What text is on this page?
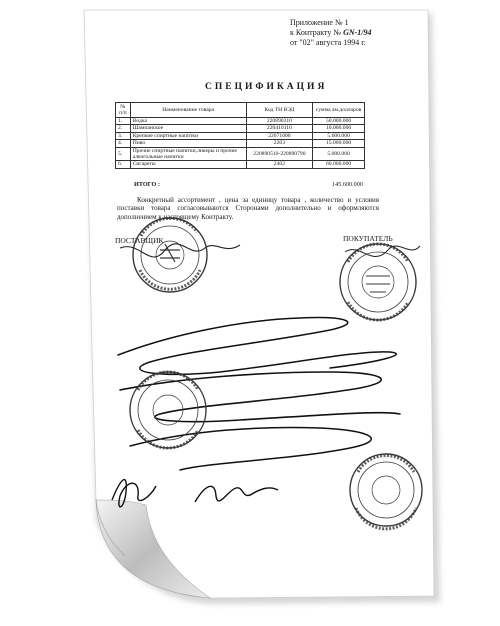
Приложение № 1
к Контракту № GN-1/94
от "02" августа 1994 г.
СПЕЦИФИКАЦИЯ
№ п/п	Наименование товара	Код ТН ВЭД	сумма ам.долларов
1.	Водка	220890310	50.000.000
2.	Шампанское	220410110	10.000.000
3.	Крепкие спиртные напитки	22071000	5.600.000
4.	Пиво	2203	15.000.000
5.	Прочие спиртные напитки,ликеры и прочие алкогольные напитки	220890510-220890790	5.000.000
6.	Сигареты	2402	60.000.000
ИТОГО :	145.600.000
Конкретный ассортимент , цена за единицу товара , количество и условия поставки товара согласовываются Сторонами дополнительно и оформляются дополнением к настоящему Контракту.
ПОСТАВЩИК	ПОКУПАТЕЛЬ
